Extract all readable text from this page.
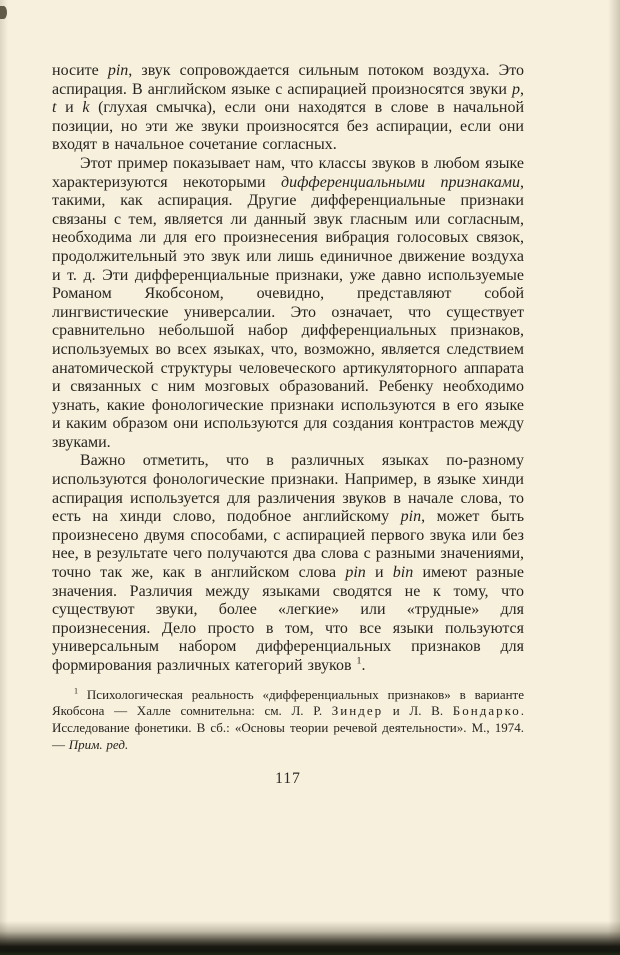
носите pin, звук сопровождается сильным потоком воздуха. Это аспирация. В английском языке с аспирацией произносятся звуки p, t и k (глухая смычка), если они находятся в слове в начальной позиции, но эти же звуки произносятся без аспирации, если они входят в начальное сочетание согласных.

Этот пример показывает нам, что классы звуков в любом языке характеризуются некоторыми дифференциальными признаками, такими, как аспирация. Другие дифференциальные признаки связаны с тем, является ли данный звук гласным или согласным, необходима ли для его произнесения вибрация голосовых связок, продолжительный это звук или лишь единичное движение воздуха и т. д. Эти дифференциальные признаки, уже давно используемые Романом Якобсоном, очевидно, представляют собой лингвистические универсалии. Это означает, что существует сравнительно небольшой набор дифференциальных признаков, используемых во всех языках, что, возможно, является следствием анатомической структуры человеческого артикуляторного аппарата и связанных с ним мозговых образований. Ребенку необходимо узнать, какие фонологические признаки используются в его языке и каким образом они используются для создания контрастов между звуками.

Важно отметить, что в различных языках по-разному используются фонологические признаки. Например, в языке хинди аспирация используется для различения звуков в начале слова, то есть на хинди слово, подобное английскому pin, может быть произнесено двумя способами, с аспирацией первого звука или без нее, в результате чего получаются два слова с разными значениями, точно так же, как в английском слова pin и bin имеют разные значения. Различия между языками сводятся не к тому, что существуют звуки, более «легкие» или «трудные» для произнесения. Дело просто в том, что все языки пользуются универсальным набором дифференциальных признаков для формирования различных категорий звуков $^1$.

$^1$ Психологическая реальность «дифференциальных признаков» в варианте Якобсона — Халле сомнительна: см. Л. Р. Зиндер и Л. В. Бондарко. Исследование фонетики. В сб.: «Основы теории речевой деятельности». М., 1974. — Прим. ред.
117
